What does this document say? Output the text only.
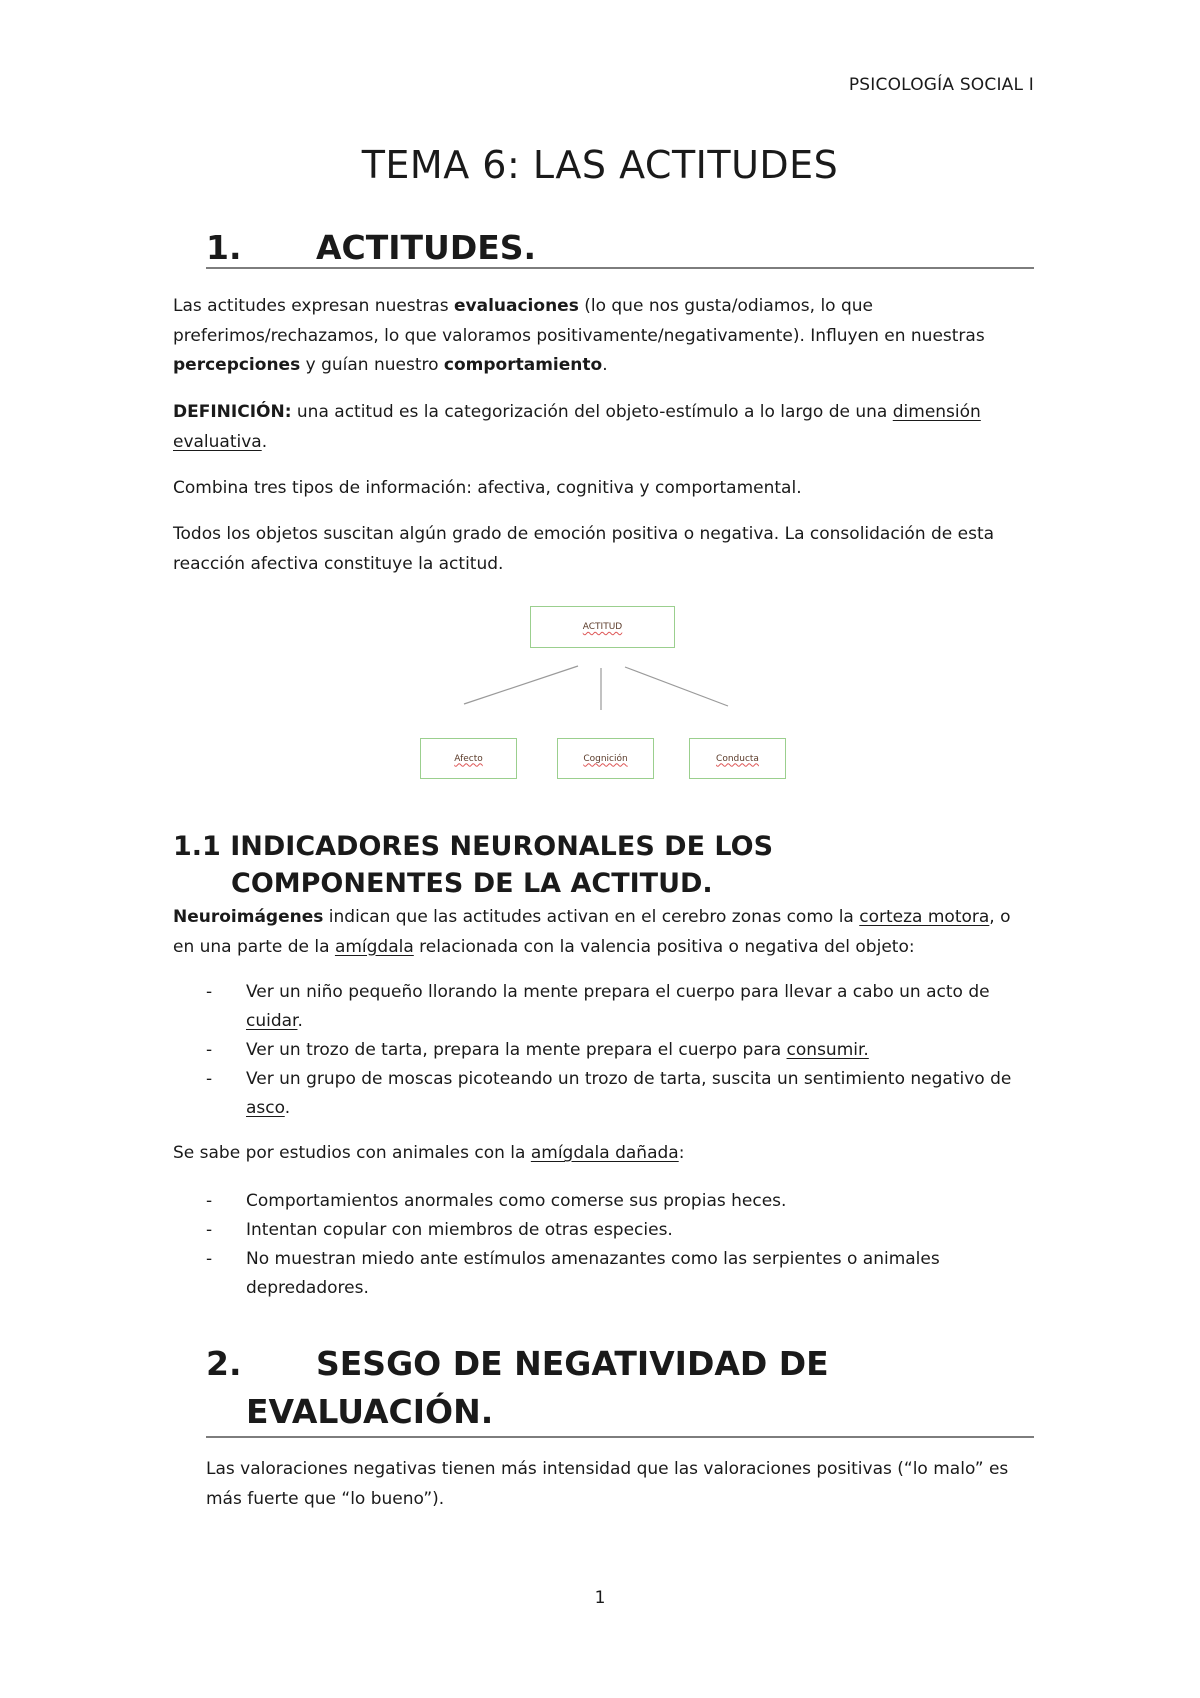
PSICOLOGÍA SOCIAL I
TEMA 6: LAS ACTITUDES
1. ACTITUDES.
Las actitudes expresan nuestras evaluaciones (lo que nos gusta/odiamos, lo que preferimos/rechazamos, lo que valoramos positivamente/negativamente). Influyen en nuestras percepciones y guían nuestro comportamiento.
DEFINICIÓN: una actitud es la categorización del objeto-estímulo a lo largo de una dimensión evaluativa.
Combina tres tipos de información: afectiva, cognitiva y comportamental.
Todos los objetos suscitan algún grado de emoción positiva o negativa. La consolidación de esta reacción afectiva constituye la actitud.
ACTITUD
Afecto	Cognición	Conducta
1.1 INDICADORES NEURONALES DE LOS
COMPONENTES DE LA ACTITUD.
Neuroimágenes indican que las actitudes activan en el cerebro zonas como la corteza motora, o en una parte de la amígdala relacionada con la valencia positiva o negativa del objeto:
- Ver un niño pequeño llorando la mente prepara el cuerpo para llevar a cabo un acto de cuidar.
- Ver un trozo de tarta, prepara la mente prepara el cuerpo para consumir.
- Ver un grupo de moscas picoteando un trozo de tarta, suscita un sentimiento negativo de asco.
Se sabe por estudios con animales con la amígdala dañada:
- Comportamientos anormales como comerse sus propias heces.
- Intentan copular con miembros de otras especies.
- No muestran miedo ante estímulos amenazantes como las serpientes o animales depredadores.
2. SESGO DE NEGATIVIDAD DE
EVALUACIÓN.
Las valoraciones negativas tienen más intensidad que las valoraciones positivas (“lo malo” es más fuerte que “lo bueno”).
1
